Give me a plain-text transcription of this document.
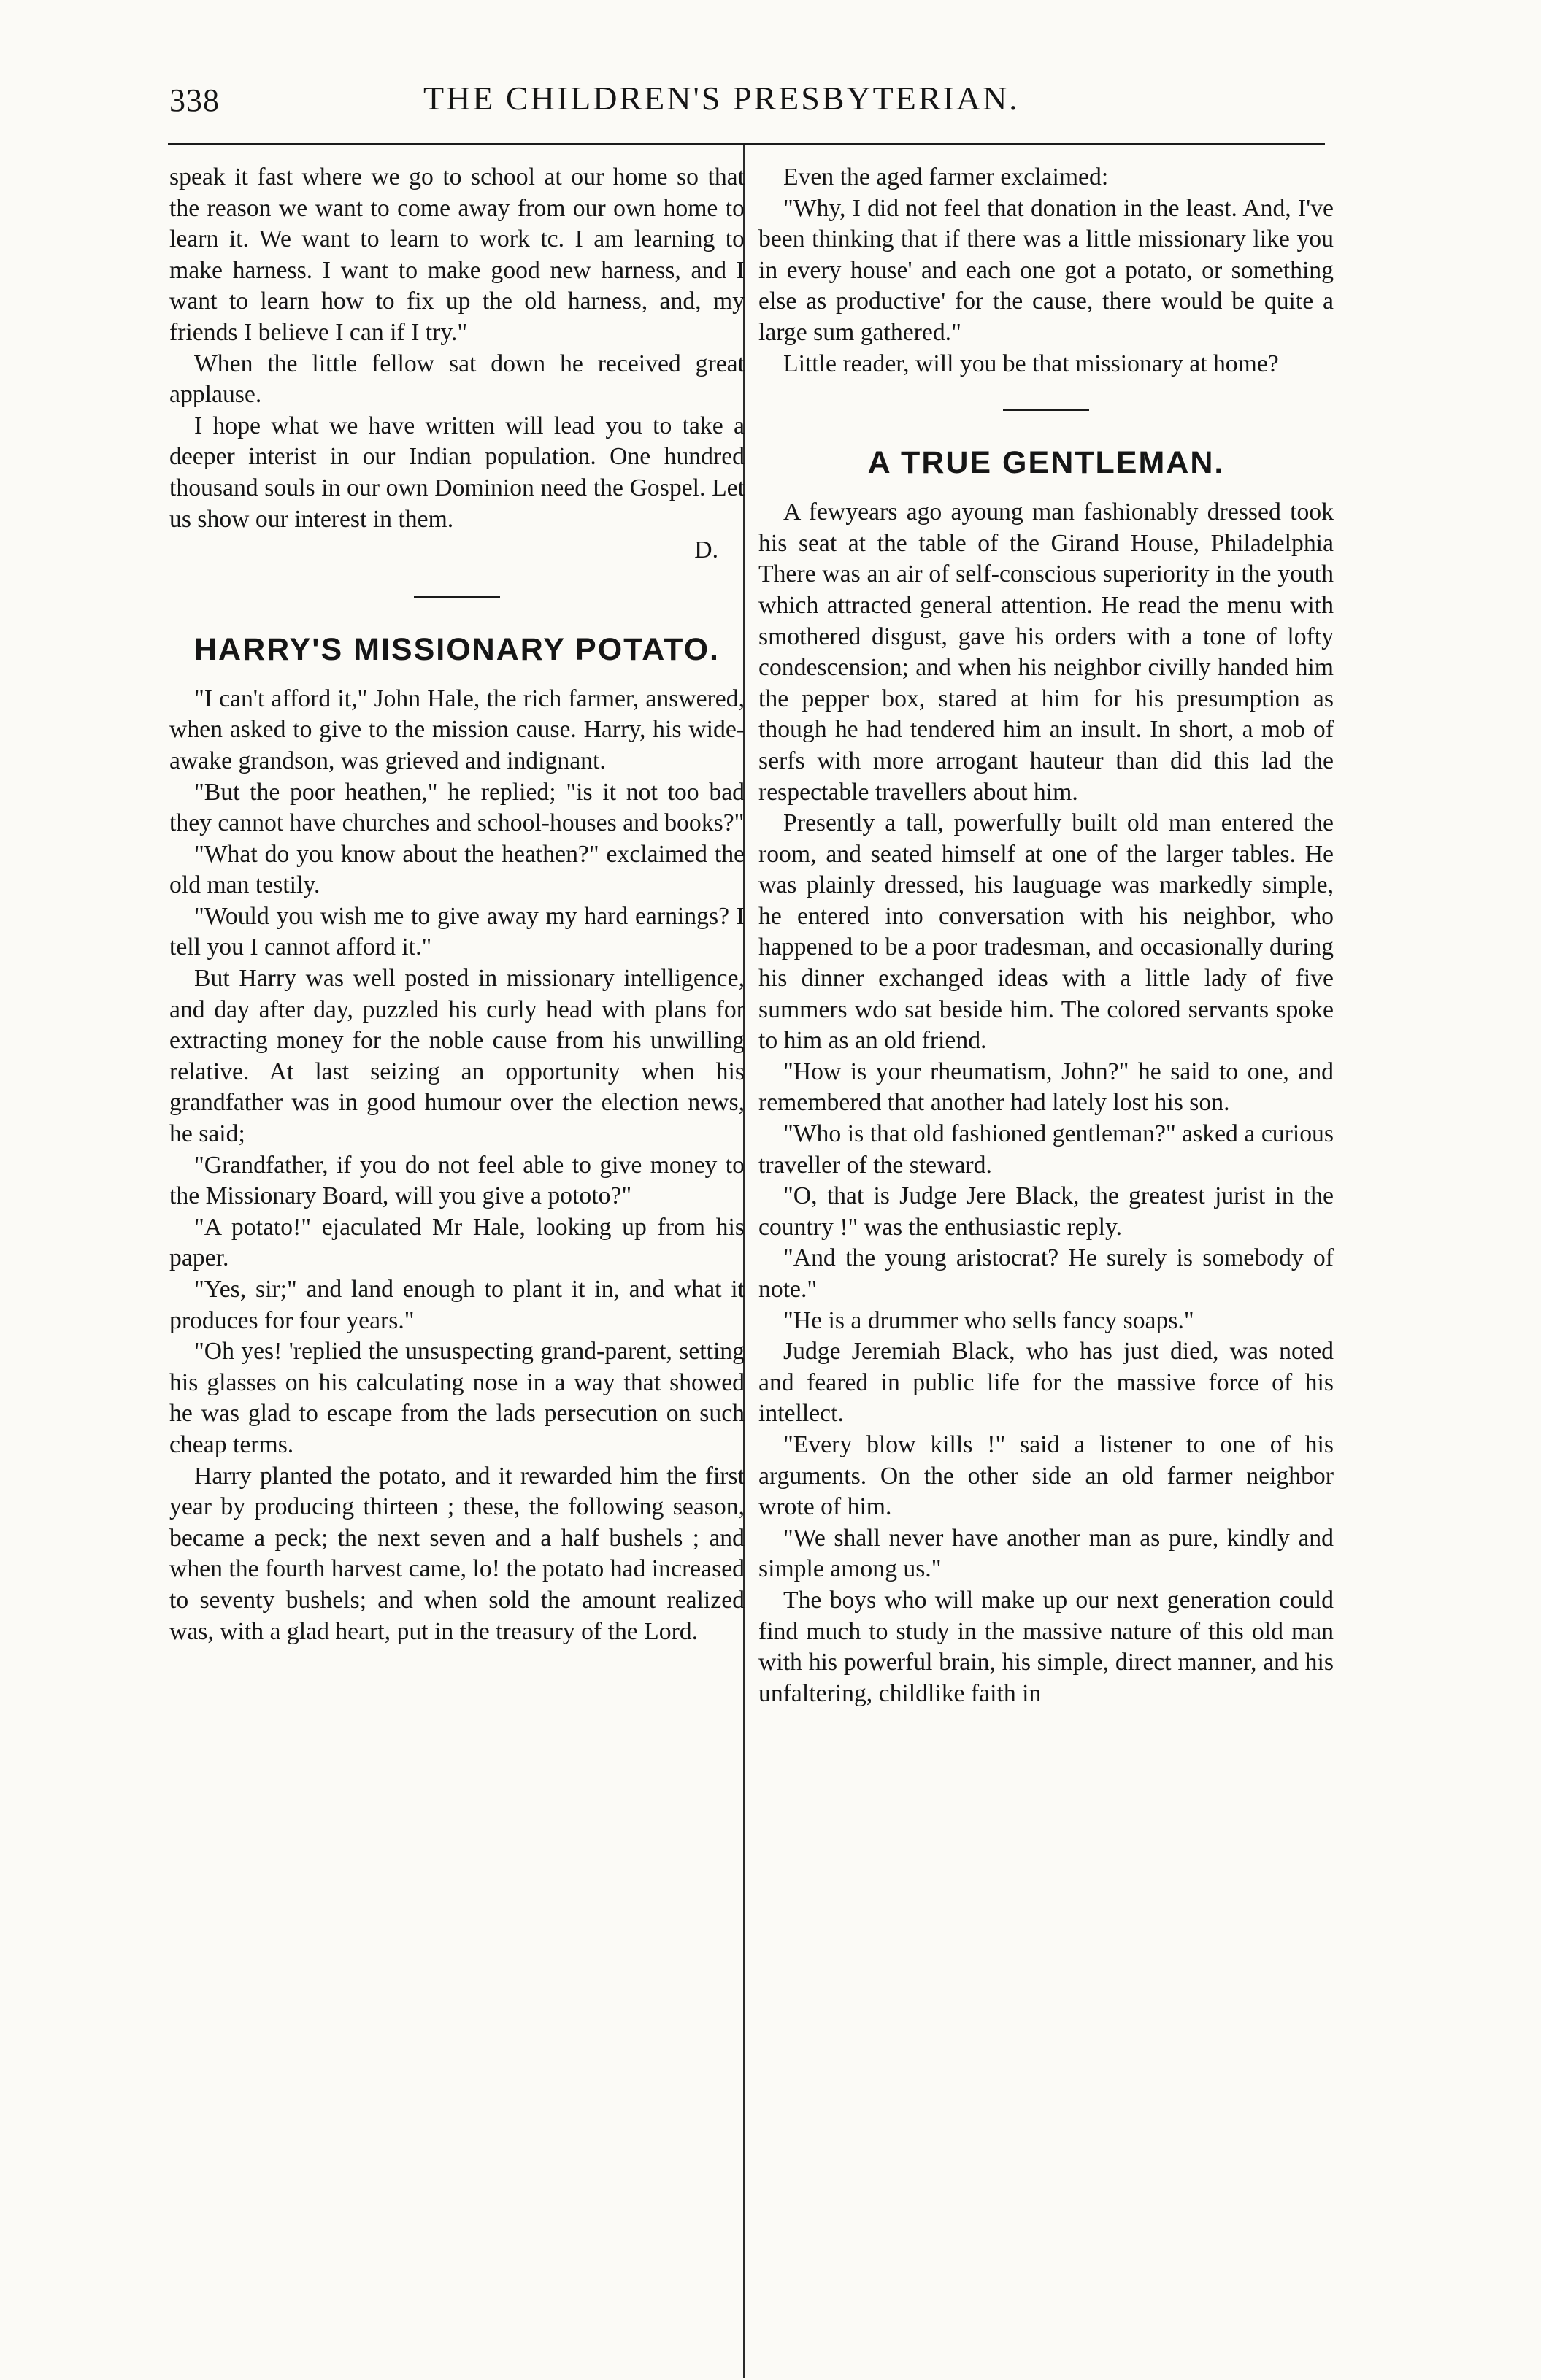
338	THE CHILDREN'S PRESBYTERIAN.

speak it fast where we go to school at our home so that the reason we want to come away from our own home to learn it. We want to learn to work tc. I am learning to make harness. I want to make good new harness, and I want to learn how to fix up the old harness, and, my friends I believe I can if I try."

When the little fellow sat down he received great applause.

I hope what we have written will lead you to take a deeper interist in our Indian population. One hundred thousand souls in our own Dominion need the Gospel. Let us show our interest in them.

D.

HARRY'S MISSIONARY POTATO.

"I can't afford it," John Hale, the rich farmer, answered, when asked to give to the mission cause. Harry, his wide-awake grandson, was grieved and indignant.

"But the poor heathen," he replied; "is it not too bad they cannot have churches and school-houses and books?"

"What do you know about the heathen?" exclaimed the old man testily.

"Would you wish me to give away my hard earnings? I tell you I cannot afford it."

But Harry was well posted in missionary intelligence, and day after day, puzzled his curly head with plans for extracting money for the noble cause from his unwilling relative. At last seizing an opportunity when his grandfather was in good humour over the election news, he said;

"Grandfather, if you do not feel able to give money to the Missionary Board, will you give a pototo?"

"A potato!" ejaculated Mr Hale, looking up from his paper.

"Yes, sir;" and land enough to plant it in, and what it produces for four years."

"Oh yes! 'replied the unsuspecting grand-parent, setting his glasses on his calculating nose in a way that showed he was glad to escape from the lads persecution on such cheap terms.

Harry planted the potato, and it rewarded him the first year by producing thirteen ; these, the following season, became a peck; the next seven and a half bushels ; and when the fourth harvest came, lo! the potato had increased to seventy bushels; and when sold the amount realized was, with a glad heart, put in the treasury of the Lord.

Even the aged farmer exclaimed:

"Why, I did not feel that donation in the least. And, I've been thinking that if there was a little missionary like you in every house' and each one got a potato, or something else as productive' for the cause, there would be quite a large sum gathered."

Little reader, will you be that missionary at home?

A TRUE GENTLEMAN.

A fewyears ago ayoung man fashionably dressed took his seat at the table of the Girand House, Philadelphia There was an air of self-conscious superiority in the youth which attracted general attention. He read the menu with smothered disgust, gave his orders with a tone of lofty condescension; and when his neighbor civilly handed him the pepper box, stared at him for his presumption as though he had tendered him an insult. In short, a mob of serfs with more arrogant hauteur than did this lad the respectable travellers about him.

Presently a tall, powerfully built old man entered the room, and seated himself at one of the larger tables. He was plainly dressed, his lauguage was markedly simple, he entered into conversation with his neighbor, who happened to be a poor tradesman, and occasionally during his dinner exchanged ideas with a little lady of five summers wdo sat beside him. The colored servants spoke to him as an old friend.

"How is your rheumatism, John?" he said to one, and remembered that another had lately lost his son.

"Who is that old fashioned gentleman?" asked a curious traveller of the steward.

"O, that is Judge Jere Black, the greatest jurist in the country !" was the enthusiastic reply.

"And the young aristocrat? He surely is somebody of note."

"He is a drummer who sells fancy soaps."

Judge Jeremiah Black, who has just died, was noted and feared in public life for the massive force of his intellect.

"Every blow kills !" said a listener to one of his arguments. On the other side an old farmer neighbor wrote of him.

"We shall never have another man as pure, kindly and simple among us."

The boys who will make up our next generation could find much to study in the massive nature of this old man with his powerful brain, his simple, direct manner, and his unfaltering, childlike faith in
